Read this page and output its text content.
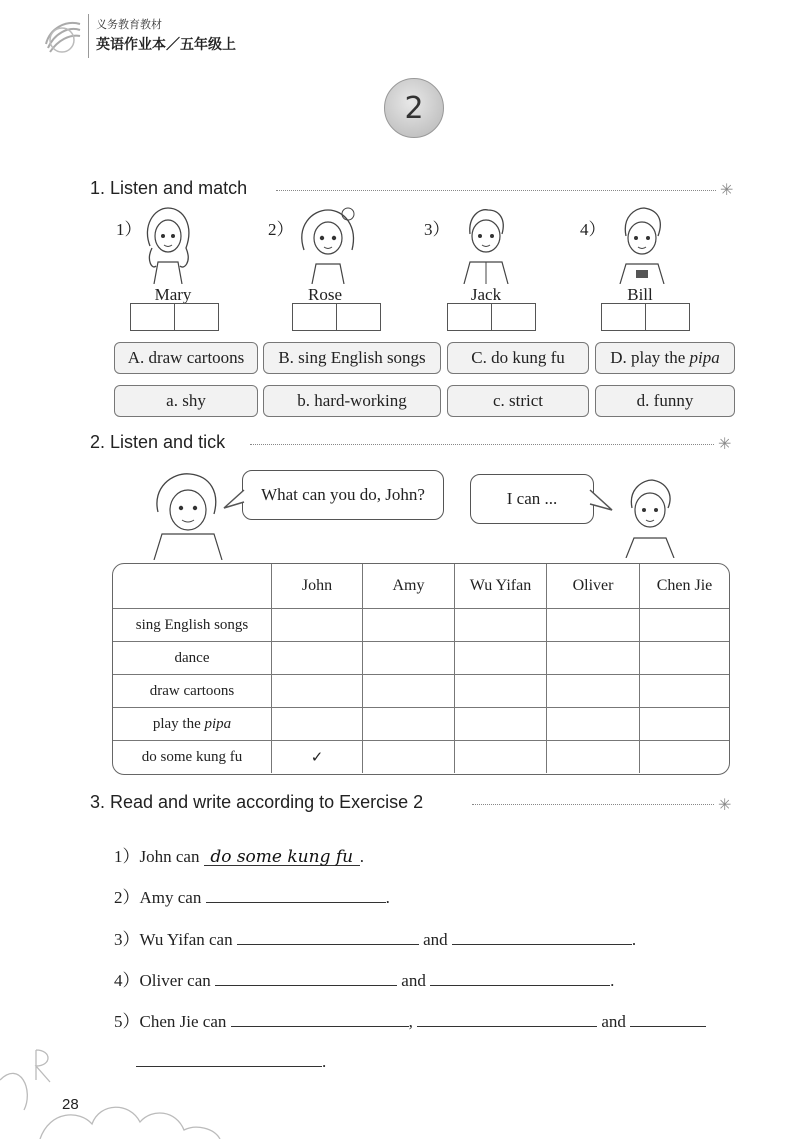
义务教育教材
英语作业本／五年级上
2
1. Listen and match	✳
1）
Mary
2）
Rose
3）
Jack
4）
Bill
A.
draw cartoons B.
sing English songs	C.
do kung fu	D.
play the
pipa
a.
shy	b.
hard-working	c.
strict	d.
funny
2. Listen and tick	✳
What can you do, John?	I can ...
	John	Amy	Wu Yifan	Oliver	Chen Jie
sing English songs					
dance					
draw cartoons					
play the pipa					
do some kung fu	✓				
3. Read and write according to Exercise 2	✳
1）John can do some kung fu .
2）Amy can	.
3）Wu Yifan can	and	.
4）Oliver can	and	.
5）Chen Jie can	,	and
.
28
